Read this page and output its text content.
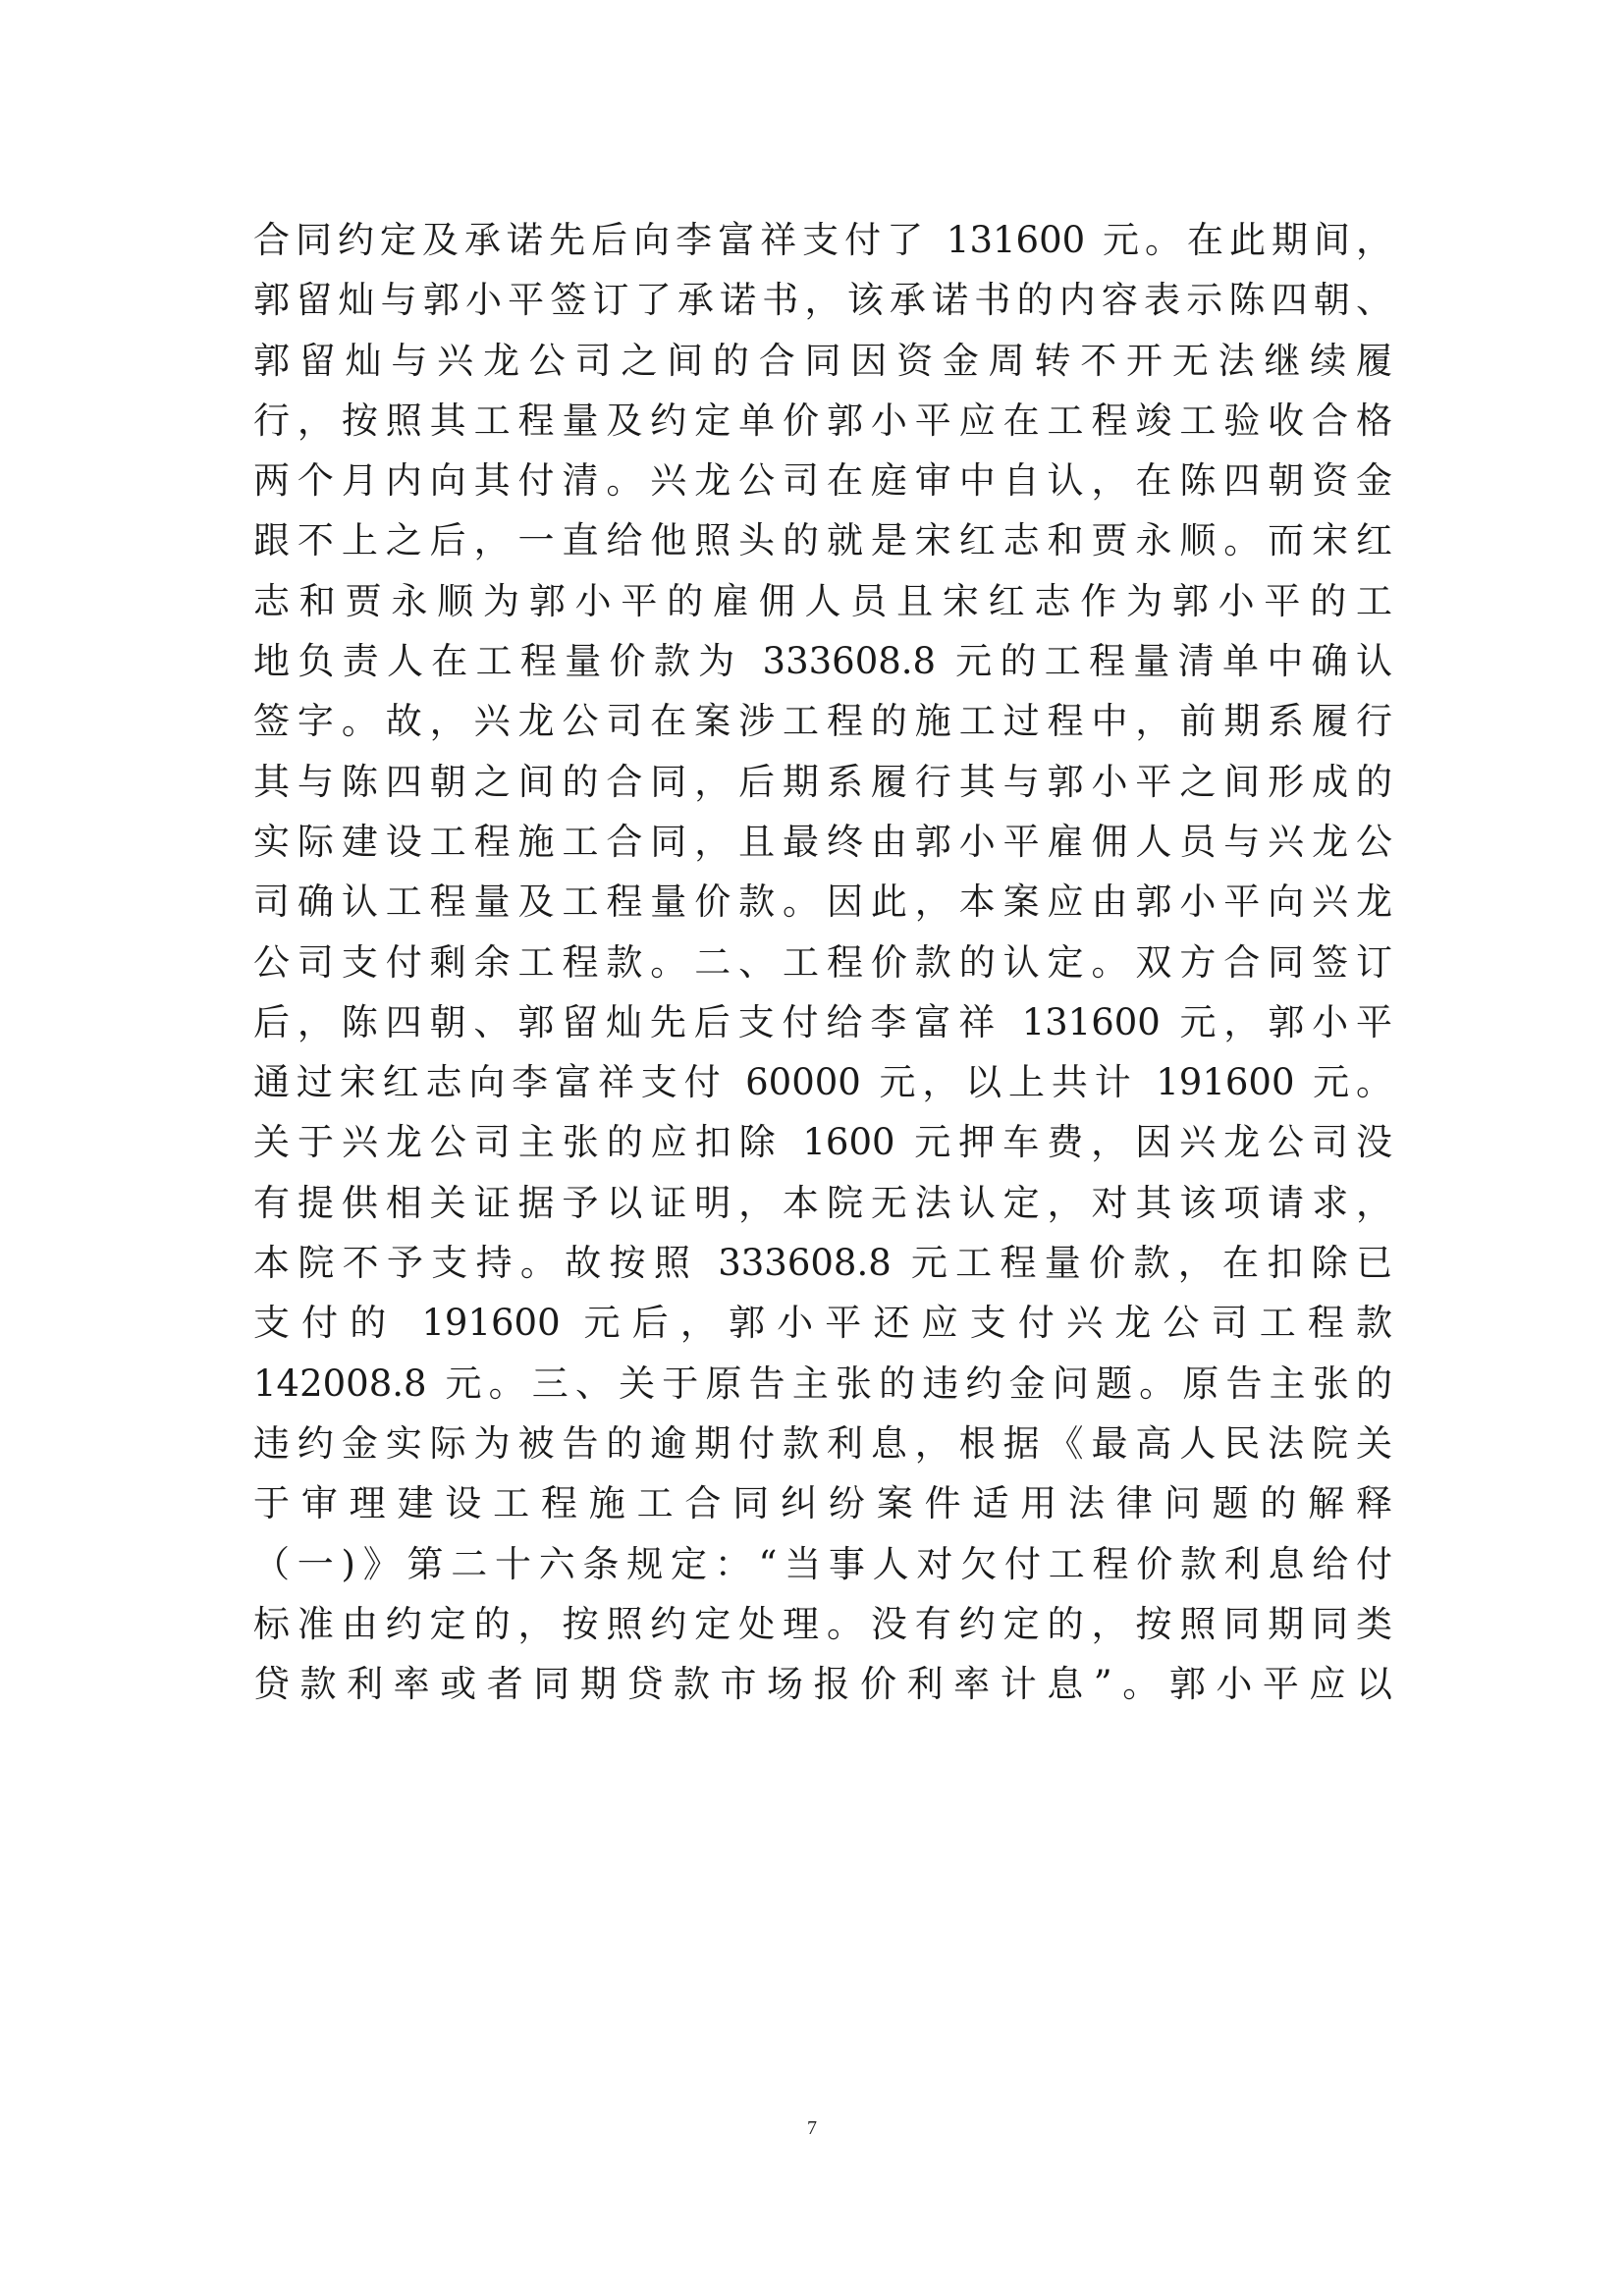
合同约定及承诺先后向李富祥支付了 131600 元。在此期间，
郭留灿与郭小平签订了承诺书，该承诺书的内容表示陈四朝、
郭留灿与兴龙公司之间的合同因资金周转不开无法继续履
行，按照其工程量及约定单价郭小平应在工程竣工验收合格
两个月内向其付清。兴龙公司在庭审中自认，在陈四朝资金
跟不上之后，一直给他照头的就是宋红志和贾永顺。而宋红
志和贾永顺为郭小平的雇佣人员且宋红志作为郭小平的工
地负责人在工程量价款为 333608.8 元的工程量清单中确认
签字。故，兴龙公司在案涉工程的施工过程中，前期系履行
其与陈四朝之间的合同，后期系履行其与郭小平之间形成的
实际建设工程施工合同，且最终由郭小平雇佣人员与兴龙公
司确认工程量及工程量价款。因此，本案应由郭小平向兴龙
公司支付剩余工程款。二、工程价款的认定。双方合同签订
后，陈四朝、郭留灿先后支付给李富祥 131600 元，郭小平
通过宋红志向李富祥支付 60000 元，以上共计 191600 元。
关于兴龙公司主张的应扣除 1600 元押车费，因兴龙公司没
有提供相关证据予以证明，本院无法认定，对其该项请求，
本院不予支持。故按照 333608.8 元工程量价款，在扣除已
支付的 191600 元后，郭小平还应支付兴龙公司工程款
142008.8 元。三、关于原告主张的违约金问题。原告主张的
违约金实际为被告的逾期付款利息，根据《最高人民法院关
于审理建设工程施工合同纠纷案件适用法律问题的解释
（一)》第二十六条规定：“当事人对欠付工程价款利息给付
标准由约定的，按照约定处理。没有约定的，按照同期同类
贷款利率或者同期贷款市场报价利率计息”。郭小平应以
7
